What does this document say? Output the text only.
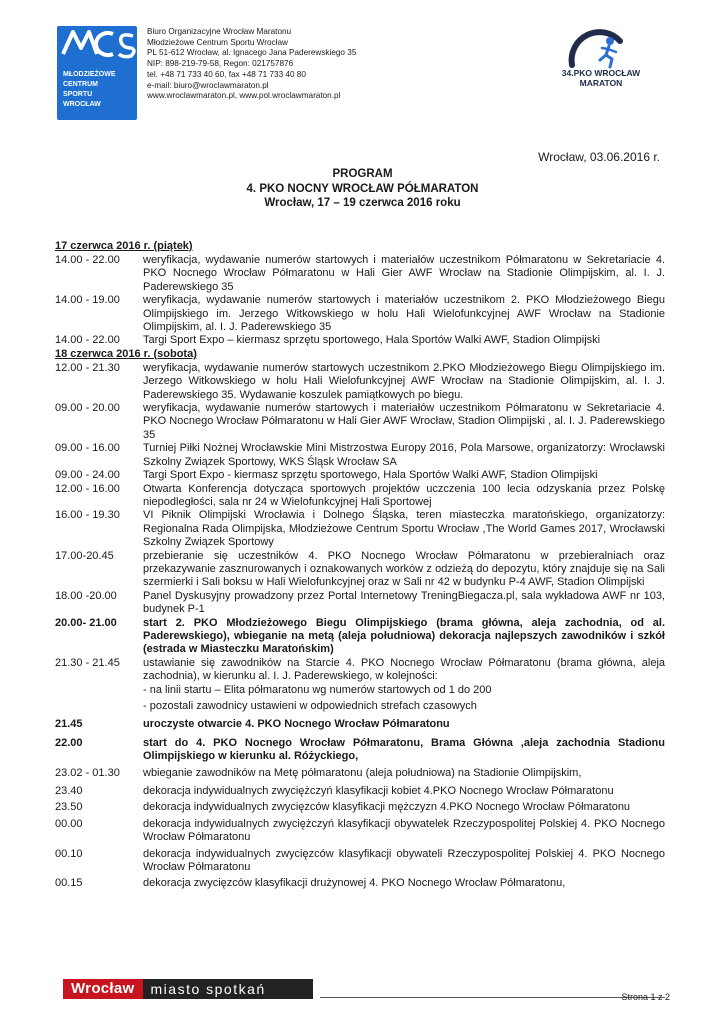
MŁODZIEŻOWE
CENTRUM
SPORTU
WROCŁAW
Biuro Organizacyjne Wrocław Maratonu
Młodzieżowe Centrum Sportu Wrocław
PL 51-612 Wrocław, al. Ignacego Jana Paderewskiego 35
NIP: 898-219-79-58, Regon: 021757876
tel. +48 71 733 40 60, fax +48 71 733 40 80
e-mail: biuro@wroclawmaraton.pl
www.wroclawmaraton.pl, www.pol.wroclawmaraton.pl
34.PKO WROCŁAW
MARATON
Wrocław, 03.06.2016 r.
PROGRAM
4. PKO NOCNY WROCŁAW PÓŁMARATON
Wrocław, 17 – 19 czerwca 2016 roku
17 czerwca 2016 r. (piątek)
14.00 - 22.00	weryfikacja, wydawanie numerów startowych i materiałów uczestnikom Półmaratonu w Sekretariacie 4. PKO Nocnego Wrocław Półmaratonu w Hali Gier AWF Wrocław na Stadionie Olimpijskim, al. I. J. Paderewskiego 35
14.00 - 19.00	weryfikacja, wydawanie numerów startowych i materiałów uczestnikom 2. PKO Młodzieżowego Biegu Olimpijskiego im. Jerzego Witkowskiego w holu Hali Wielofunkcyjnej AWF Wrocław na Stadionie Olimpijskim, al. I. J. Paderewskiego 35
14.00 - 22.00	Targi Sport Expo – kiermasz sprzętu sportowego, Hala Sportów Walki AWF, Stadion Olimpijski
18 czerwca 2016 r. (sobota)
12.00 - 21.30	weryfikacja, wydawanie numerów startowych uczestnikom 2.PKO Młodzieżowego Biegu Olimpijskiego im. Jerzego Witkowskiego w holu Hali Wielofunkcyjnej AWF Wrocław na Stadionie Olimpijskim, al. I. J. Paderewskiego 35. Wydawanie koszulek pamiątkowych po biegu.
09.00 - 20.00	weryfikacja, wydawanie numerów startowych i materiałów uczestnikom Półmaratonu w Sekretariacie 4. PKO Nocnego Wrocław Półmaratonu w Hali Gier AWF Wrocław, Stadion Olimpijski , al. I. J. Paderewskiego 35
09.00 - 16.00	Turniej Piłki Nożnej Wrocławskie Mini Mistrzostwa Europy 2016, Pola Marsowe, organizatorzy: Wrocławski Szkolny Związek Sportowy, WKS Śląsk Wrocław SA
09.00 - 24.00	Targi Sport Expo - kiermasz sprzętu sportowego, Hala Sportów Walki AWF, Stadion Olimpijski
12.00 - 16.00	Otwarta Konferencja dotycząca sportowych projektów uczczenia 100 lecia odzyskania przez Polskę niepodległości, sala nr 24 w Wielofunkcyjnej Hali Sportowej
16.00 - 19.30	VI Piknik Olimpijski Wrocławia i Dolnego Śląska, teren miasteczka maratońskiego, organizatorzy: Regionalna Rada Olimpijska, Młodzieżowe Centrum Sportu Wrocław ,The World Games 2017, Wrocławski Szkolny Związek Sportowy
17.00-20.45	przebieranie się uczestników 4. PKO Nocnego Wrocław Półmaratonu w przebieralniach oraz przekazywanie zasznurowanych i oznakowanych worków z odzieżą do depozytu, który znajduje się na Sali szermierki i Sali boksu w Hali Wielofunkcyjnej oraz w Sali nr 42 w budynku P-4 AWF, Stadion Olimpijski
18.00 -20.00	Panel Dyskusyjny prowadzony przez Portal Internetowy TreningBiegacza.pl, sala wykładowa AWF nr 103, budynek P-1
20.00- 21.00	start 2. PKO Młodzieżowego Biegu Olimpijskiego (brama główna, aleja zachodnia, od al. Paderewskiego), wbieganie na metą (aleja południowa) dekoracja najlepszych zawodników i szkół (estrada w Miasteczku Maratońskim)
21.30 - 21.45	ustawianie się zawodników na Starcie 4. PKO Nocnego Wrocław Półmaratonu (brama główna, aleja zachodnia), w kierunku al. I. J. Paderewskiego, w kolejności:
- na linii startu – Elita półmaratonu wg numerów startowych od 1 do 200
- pozostali zawodnicy ustawieni w odpowiednich strefach czasowych
21.45	uroczyste otwarcie 4. PKO Nocnego Wrocław Półmaratonu
22.00	start do 4. PKO Nocnego Wrocław Półmaratonu, Brama Główna ,aleja zachodnia Stadionu Olimpijskiego w kierunku al. Różyckiego,
23.02 - 01.30	wbieganie zawodników na Metę półmaratonu (aleja południowa) na Stadionie Olimpijskim,
23.40	dekoracja indywidualnych zwyciężczyń klasyfikacji kobiet 4.PKO Nocnego Wrocław Półmaratonu
23.50	dekoracja indywidualnych zwycięzców klasyfikacji mężczyzn 4.PKO Nocnego Wrocław Półmaratonu
00.00	dekoracja indywidualnych zwyciężczyń klasyfikacji obywatelek Rzeczypospolitej Polskiej 4. PKO Nocnego Wrocław Półmaratonu
00.10	dekoracja indywidualnych zwycięzców klasyfikacji obywateli Rzeczypospolitej Polskiej 4. PKO Nocnego Wrocław Półmaratonu
00.15	dekoracja zwycięzców klasyfikacji drużynowej 4. PKO Nocnego Wrocław Półmaratonu,
Wrocław	miasto spotkań	Strona 1 z 2
